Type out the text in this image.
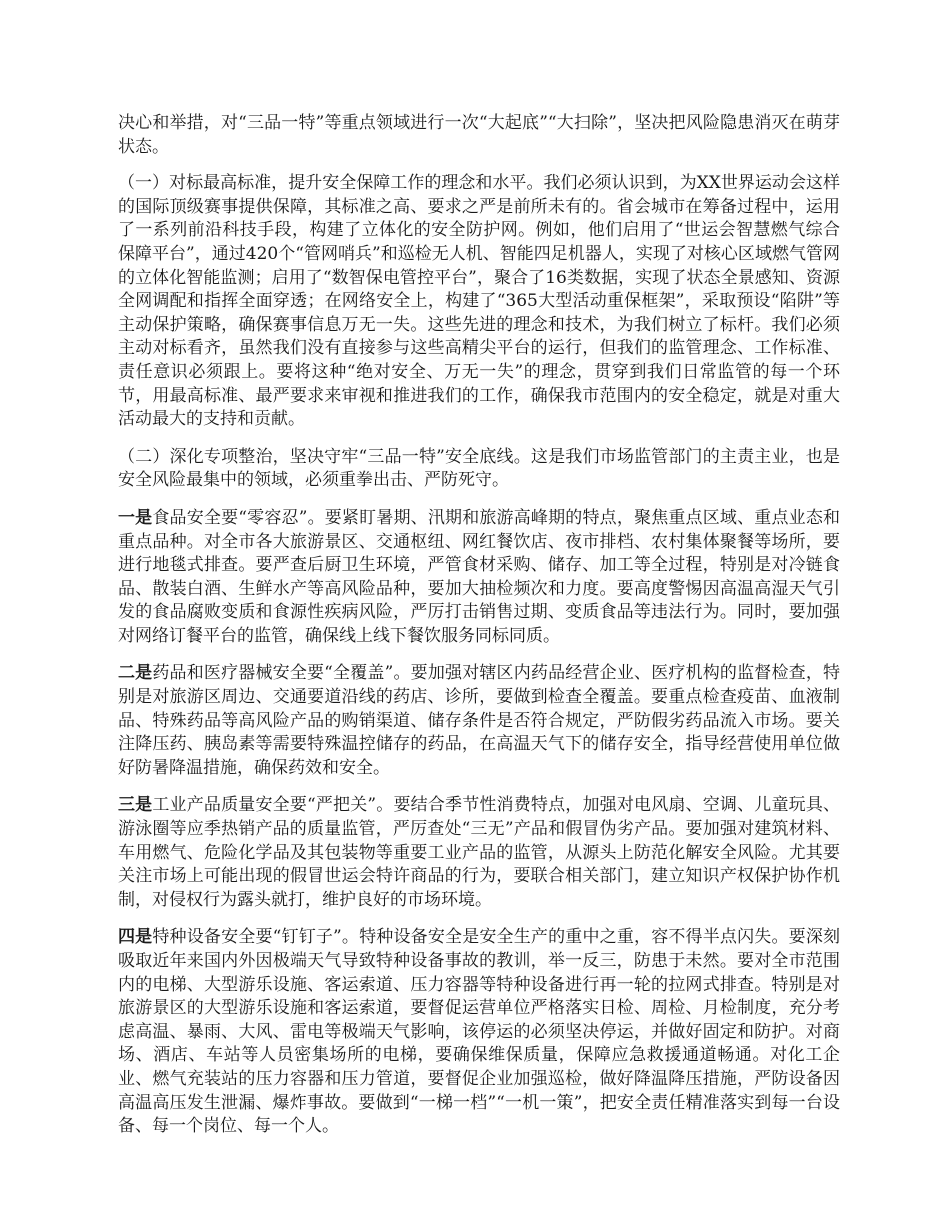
决心和举措，对“三品一特”等重点领域进行一次“大起底”“大扫除”，坚决把风险隐患消灭在萌芽状态。

（一）对标最高标准，提升安全保障工作的理念和水平。我们必须认识到，为XX世界运动会这样的国际顶级赛事提供保障，其标准之高、要求之严是前所未有的。省会城市在筹备过程中，运用了一系列前沿科技手段，构建了立体化的安全防护网。例如，他们启用了“世运会智慧燃气综合保障平台”，通过420个“管网哨兵”和巡检无人机、智能四足机器人，实现了对核心区域燃气管网的立体化智能监测；启用了“数智保电管控平台”，聚合了16类数据，实现了状态全景感知、资源全网调配和指挥全面穿透；在网络安全上，构建了“365大型活动重保框架”，采取预设“陷阱”等主动保护策略，确保赛事信息万无一失。这些先进的理念和技术，为我们树立了标杆。我们必须主动对标看齐，虽然我们没有直接参与这些高精尖平台的运行，但我们的监管理念、工作标准、责任意识必须跟上。要将这种“绝对安全、万无一失”的理念，贯穿到我们日常监管的每一个环节，用最高标准、最严要求来审视和推进我们的工作，确保我市范围内的安全稳定，就是对重大活动最大的支持和贡献。

（二）深化专项整治，坚决守牢“三品一特”安全底线。这是我们市场监管部门的主责主业，也是安全风险最集中的领域，必须重拳出击、严防死守。

一是食品安全要“零容忍”。要紧盯暑期、汛期和旅游高峰期的特点，聚焦重点区域、重点业态和重点品种。对全市各大旅游景区、交通枢纽、网红餐饮店、夜市排档、农村集体聚餐等场所，要进行地毯式排查。要严查后厨卫生环境，严管食材采购、储存、加工等全过程，特别是对冷链食品、散装白酒、生鲜水产等高风险品种，要加大抽检频次和力度。要高度警惕因高温高湿天气引发的食品腐败变质和食源性疾病风险，严厉打击销售过期、变质食品等违法行为。同时，要加强对网络订餐平台的监管，确保线上线下餐饮服务同标同质。

二是药品和医疗器械安全要“全覆盖”。要加强对辖区内药品经营企业、医疗机构的监督检查，特别是对旅游区周边、交通要道沿线的药店、诊所，要做到检查全覆盖。要重点检查疫苗、血液制品、特殊药品等高风险产品的购销渠道、储存条件是否符合规定，严防假劣药品流入市场。要关注降压药、胰岛素等需要特殊温控储存的药品，在高温天气下的储存安全，指导经营使用单位做好防暑降温措施，确保药效和安全。

三是工业产品质量安全要“严把关”。要结合季节性消费特点，加强对电风扇、空调、儿童玩具、游泳圈等应季热销产品的质量监管，严厉查处“三无”产品和假冒伪劣产品。要加强对建筑材料、车用燃气、危险化学品及其包装物等重要工业产品的监管，从源头上防范化解安全风险。尤其要关注市场上可能出现的假冒世运会特许商品的行为，要联合相关部门，建立知识产权保护协作机制，对侵权行为露头就打，维护良好的市场环境。

四是特种设备安全要“钉钉子”。特种设备安全是安全生产的重中之重，容不得半点闪失。要深刻吸取近年来国内外因极端天气导致特种设备事故的教训，举一反三，防患于未然。要对全市范围内的电梯、大型游乐设施、客运索道、压力容器等特种设备进行再一轮的拉网式排查。特别是对旅游景区的大型游乐设施和客运索道，要督促运营单位严格落实日检、周检、月检制度，充分考虑高温、暴雨、大风、雷电等极端天气影响，该停运的必须坚决停运，并做好固定和防护。对商场、酒店、车站等人员密集场所的电梯，要确保维保质量，保障应急救援通道畅通。对化工企业、燃气充装站的压力容器和压力管道，要督促企业加强巡检，做好降温降压措施，严防设备因高温高压发生泄漏、爆炸事故。要做到“一梯一档”“一机一策”，把安全责任精准落实到每一台设备、每一个岗位、每一个人。
